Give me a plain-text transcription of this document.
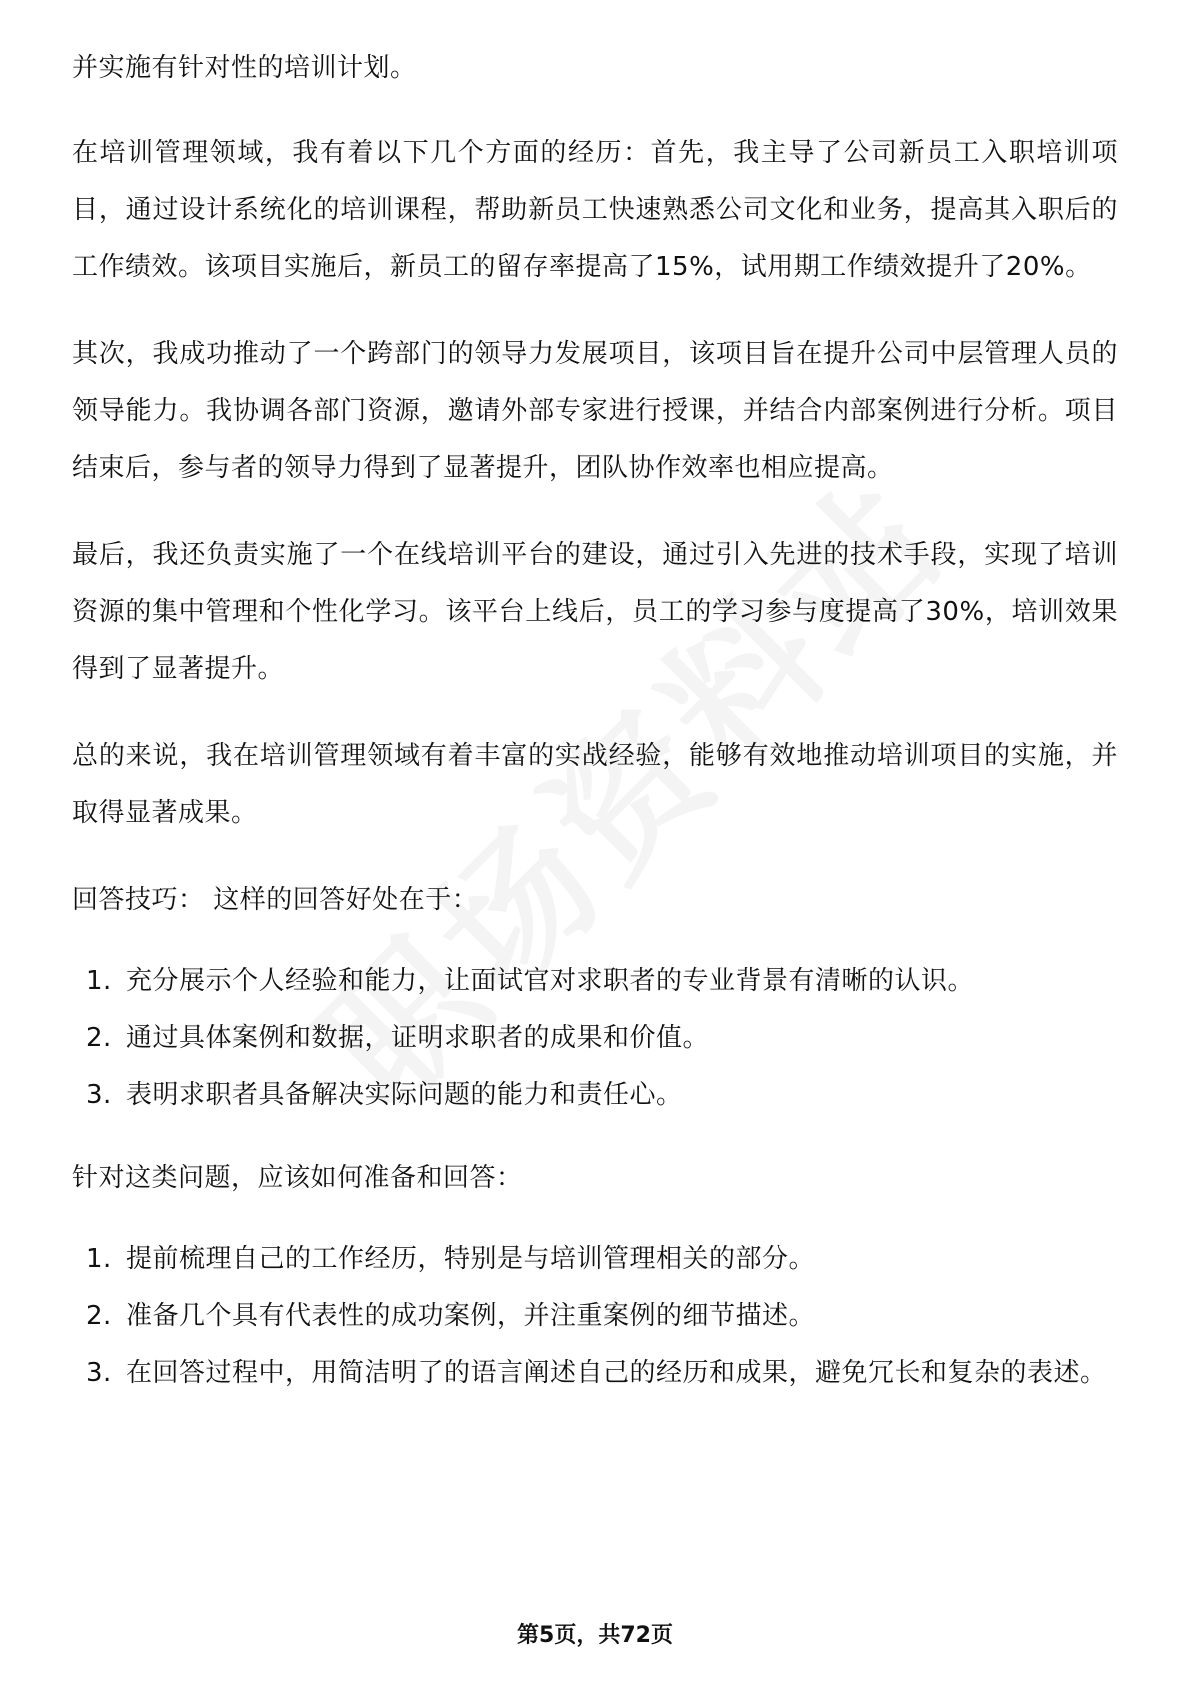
并实施有针对性的培训计划。

在培训管理领域，我有着以下几个方面的经历：首先，我主导了公司新员工入职培训项目，通过设计系统化的培训课程，帮助新员工快速熟悉公司文化和业务，提高其入职后的工作绩效。该项目实施后，新员工的留存率提高了15%，试用期工作绩效提升了20%。

其次，我成功推动了一个跨部门的领导力发展项目，该项目旨在提升公司中层管理人员的领导能力。我协调各部门资源，邀请外部专家进行授课，并结合内部案例进行分析。项目结束后，参与者的领导力得到了显著提升，团队协作效率也相应提高。

最后，我还负责实施了一个在线培训平台的建设，通过引入先进的技术手段，实现了培训资源的集中管理和个性化学习。该平台上线后，员工的学习参与度提高了30%，培训效果得到了显著提升。

总的来说，我在培训管理领域有着丰富的实战经验，能够有效地推动培训项目的实施，并取得显著成果。

回答技巧： 这样的回答好处在于：

1. 充分展示个人经验和能力，让面试官对求职者的专业背景有清晰的认识。
2. 通过具体案例和数据，证明求职者的成果和价值。
3. 表明求职者具备解决实际问题的能力和责任心。

针对这类问题，应该如何准备和回答：

1. 提前梳理自己的工作经历，特别是与培训管理相关的部分。
2. 准备几个具有代表性的成功案例，并注重案例的细节描述。
3. 在回答过程中，用简洁明了的语言阐述自己的经历和成果，避免冗长和复杂的表述。
第5页，共72页
